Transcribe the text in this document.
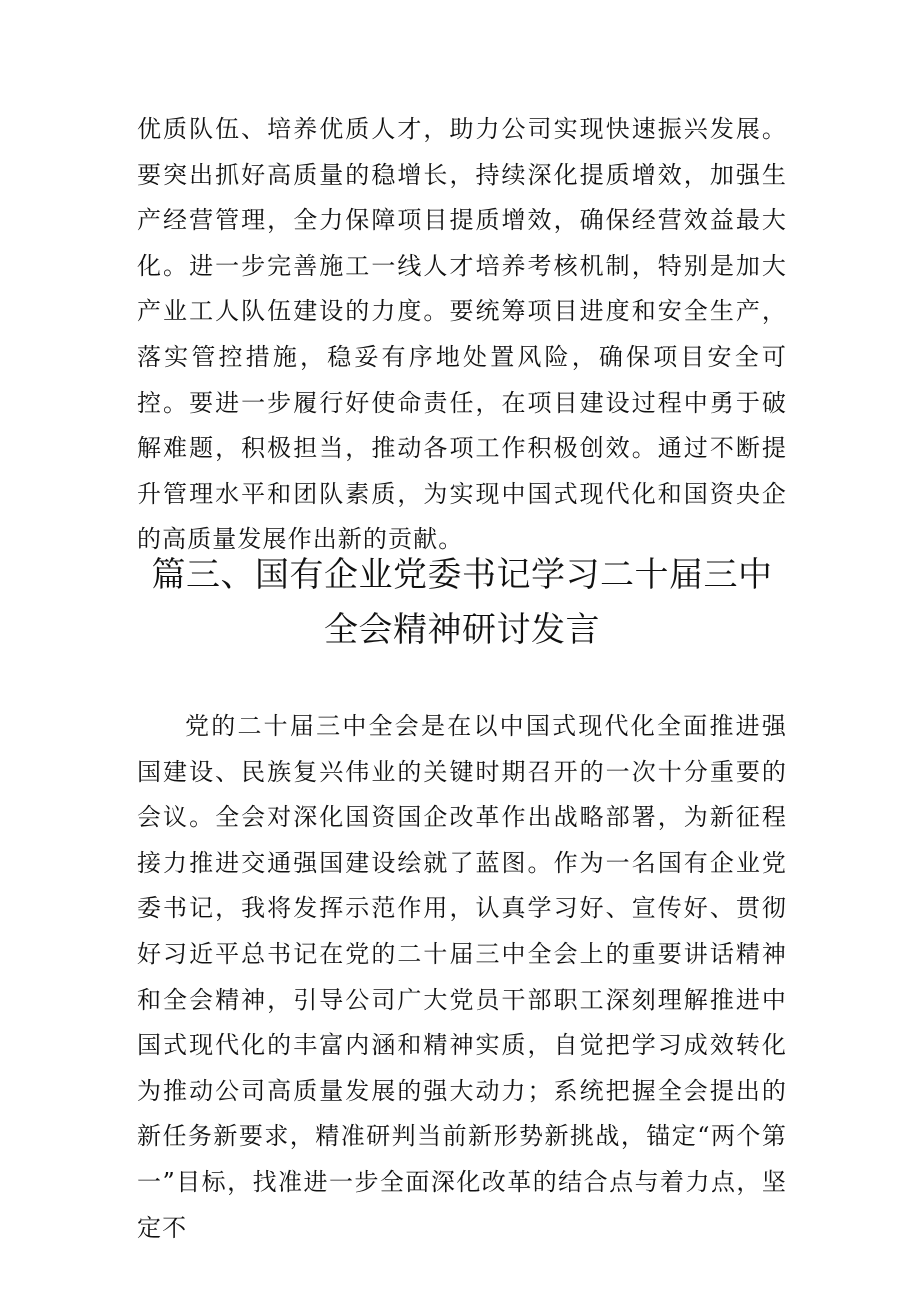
优质队伍、培养优质人才，助力公司实现快速振兴发展。要突出抓好高质量的稳增长，持续深化提质增效，加强生产经营管理，全力保障项目提质增效，确保经营效益最大化。进一步完善施工一线人才培养考核机制，特别是加大产业工人队伍建设的力度。要统筹项目进度和安全生产，落实管控措施，稳妥有序地处置风险，确保项目安全可控。要进一步履行好使命责任，在项目建设过程中勇于破解难题，积极担当，推动各项工作积极创效。通过不断提升管理水平和团队素质，为实现中国式现代化和国资央企的高质量发展作出新的贡献。

篇三、国有企业党委书记学习二十届三中全会精神研讨发言

党的二十届三中全会是在以中国式现代化全面推进强国建设、民族复兴伟业的关键时期召开的一次十分重要的会议。全会对深化国资国企改革作出战略部署，为新征程接力推进交通强国建设绘就了蓝图。作为一名国有企业党委书记，我将发挥示范作用，认真学习好、宣传好、贯彻好习近平总书记在党的二十届三中全会上的重要讲话精神和全会精神，引导公司广大党员干部职工深刻理解推进中国式现代化的丰富内涵和精神实质，自觉把学习成效转化为推动公司高质量发展的强大动力；系统把握全会提出的新任务新要求，精准研判当前新形势新挑战，锚定“两个第一”目标，找准进一步全面深化改革的结合点与着力点，坚定不
